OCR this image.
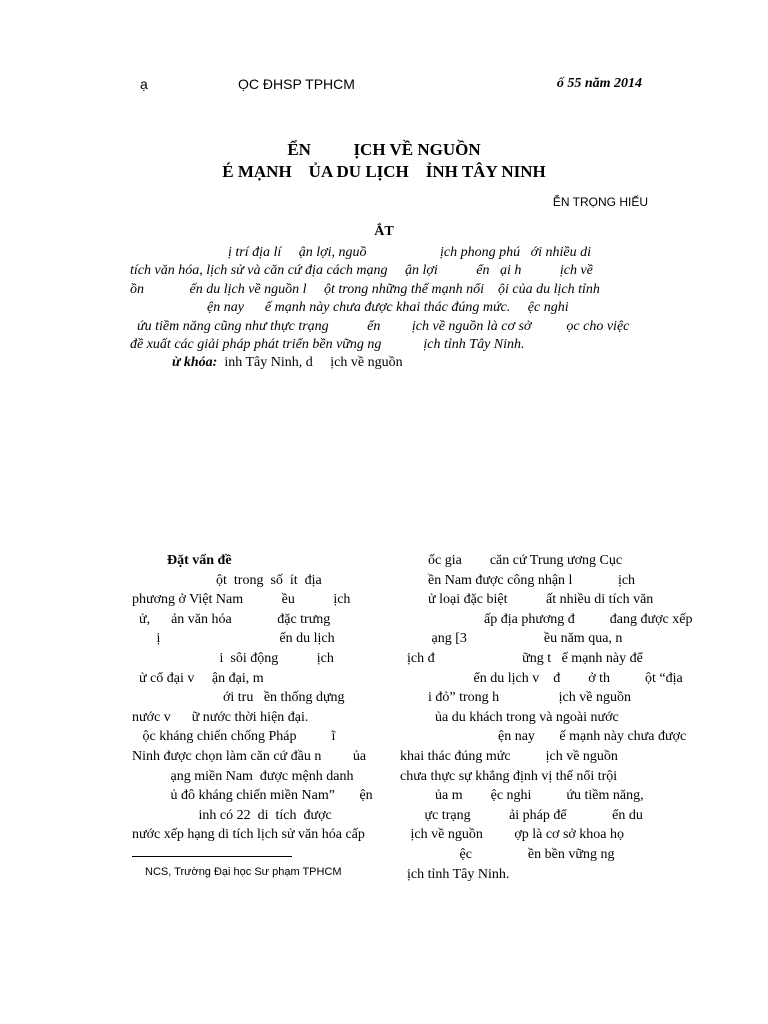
ạ	ỌC ĐHSP TPHCM	ố 55 năm 2014
ỂN          ỊCH VỀ NGUỒN
É MẠNH    ỦA DU LỊCH    ỈNH TÂY NINH
ỄN TRỌNG HIẾU
ẮT
ị trí địa lí     ận lợi, nguồ                     ịch phong phú   ới nhiều di
tích văn hóa, lịch sử và căn cứ địa cách mạng     ận lợi           ển   ại h           ịch về
ồn             ến du lịch về nguồn l     ột trong những thế mạnh nổi    ội của du lịch tỉnh
ện nay      ế mạnh này chưa được khai thác đúng mức.     ệc nghi
ứu tiềm năng cũng như thực trạng           ển         ịch về nguồn là cơ sở          ọc cho việc
đề xuất các giải pháp phát triển bền vững ng            ịch tỉnh Tây Ninh.
ừ khóa:  inh Tây Ninh, d     ịch về nguồn
Đặt vấn đề
ột  trong  số  ít  địa
phương ở Việt Nam           ều           ịch
ử,      ản văn hóa             đặc trưng
ị                                  ến du lịch
i  sôi động           ịch
ử cổ đại v     ận đại, m
ới tru   ền thống dựng
nước v      ữ nước thời hiện đại.
ộc kháng chiến chống Pháp          ĩ
Ninh được chọn làm căn cứ đầu n         ủa
ạng miền Nam  được mệnh danh
ủ đô kháng chiến miền Nam”       ện
inh có 22  di  tích  được
nước xếp hạng di tích lịch sử văn hóa cấp
ốc gia        căn cứ Trung ương Cục
ền Nam được công nhận l             ịch
ử loại đặc biệt           ất nhiều di tích văn
ấp địa phương đ          đang được xếp
ạng [3                      ều năm qua, n
ịch đ                         ững t   ế mạnh này để
ển du lịch v    đ        ở th          ột “địa
i đỏ” trong h                 ịch về nguồn
ủa du khách trong và ngoài nước
ện nay       ế mạnh này chưa được
khai thác đúng mức          ịch về nguồn
chưa thực sự khẳng định vị thế nổi trội
ủa m        ệc nghi          ứu tiềm năng,
ực trạng           ải pháp để             ển du
ịch về nguồn         ợp là cơ sở khoa họ
ệc                ền bền vững ng
ịch tỉnh Tây Ninh.
NCS, Trường Đại học Sư phạm TPHCM
